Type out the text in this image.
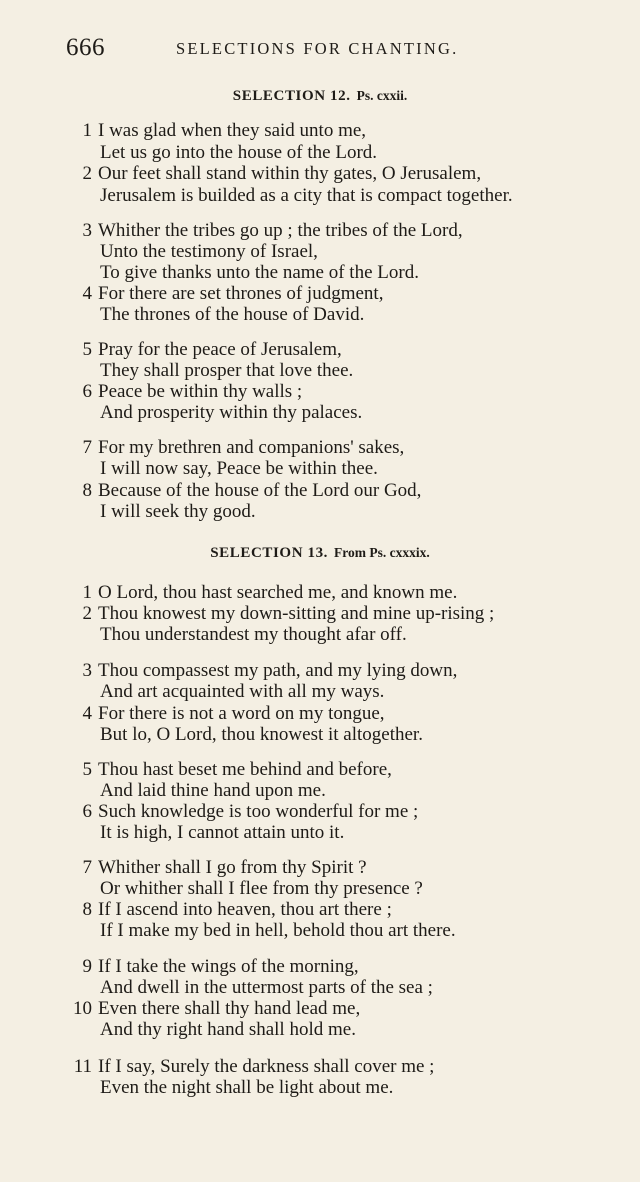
666	SELECTIONS FOR CHANTING.
SELECTION 12. Ps. cxxii.
1 I was glad when they said unto me,
Let us go into the house of the Lord.
2 Our feet shall stand within thy gates, O Jerusalem,
Jerusalem is builded as a city that is compact together.
3 Whither the tribes go up ; the tribes of the Lord,
Unto the testimony of Israel,
To give thanks unto the name of the Lord.
4 For there are set thrones of judgment,
The thrones of the house of David.
5 Pray for the peace of Jerusalem,
They shall prosper that love thee.
6 Peace be within thy walls ;
And prosperity within thy palaces.
7 For my brethren and companions' sakes,
I will now say, Peace be within thee.
8 Because of the house of the Lord our God,
I will seek thy good.
SELECTION 13. From Ps. cxxxix.
1 O Lord, thou hast searched me, and known me.
2 Thou knowest my down-sitting and mine up-rising ;
Thou understandest my thought afar off.
3 Thou compassest my path, and my lying down,
And art acquainted with all my ways.
4 For there is not a word on my tongue,
But lo, O Lord, thou knowest it altogether.
5 Thou hast beset me behind and before,
And laid thine hand upon me.
6 Such knowledge is too wonderful for me ;
It is high, I cannot attain unto it.
7 Whither shall I go from thy Spirit ?
Or whither shall I flee from thy presence ?
8 If I ascend into heaven, thou art there ;
If I make my bed in hell, behold thou art there.
9 If I take the wings of the morning,
And dwell in the uttermost parts of the sea ;
10 Even there shall thy hand lead me,
And thy right hand shall hold me.
11 If I say, Surely the darkness shall cover me ;
Even the night shall be light about me.
